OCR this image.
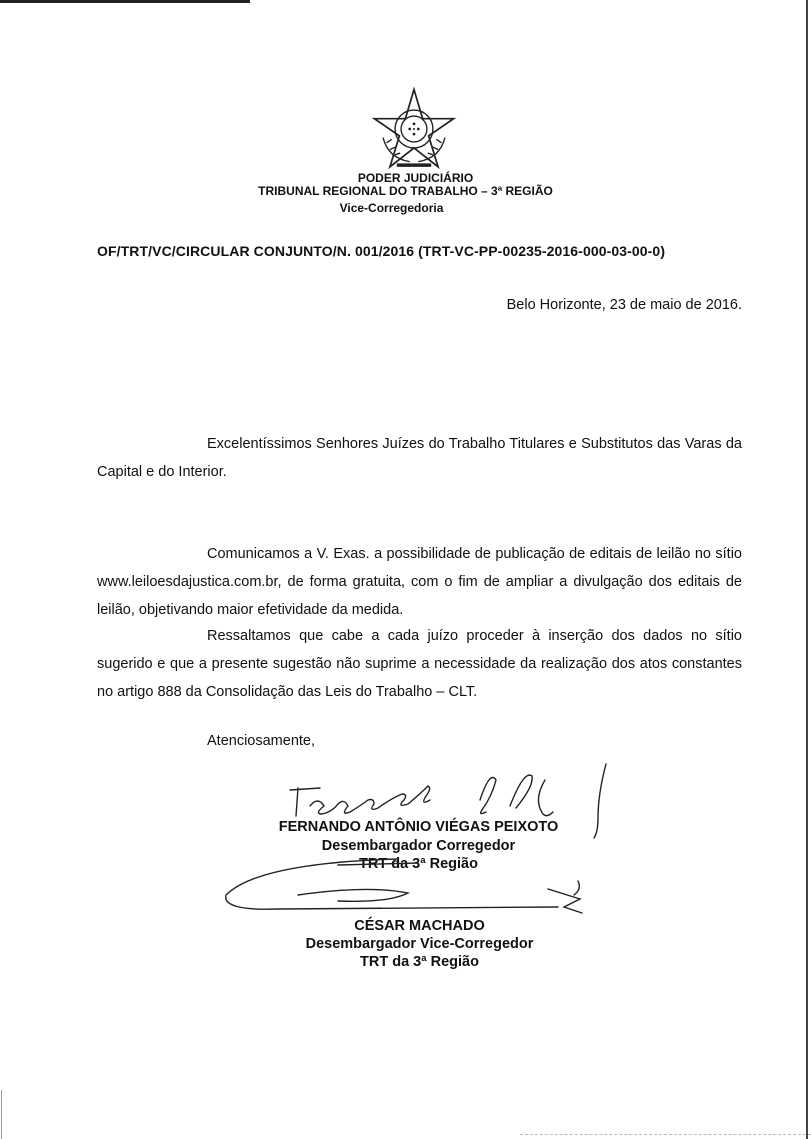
PODER JUDICIÁRIO
TRIBUNAL REGIONAL DO TRABALHO – 3ª REGIÃO
Vice-Corregedoria
OF/TRT/VC/CIRCULAR CONJUNTO/N. 001/2016 (TRT-VC-PP-00235-2016-000-03-00-0)
Belo Horizonte, 23 de maio de 2016.
Excelentíssimos Senhores Juízes do Trabalho Titulares e Substitutos das Varas da Capital e do Interior.
Comunicamos a V. Exas. a possibilidade de publicação de editais de leilão no sítio www.leiloesdajustica.com.br, de forma gratuita, com o fim de ampliar a divulgação dos editais de leilão, objetivando maior efetividade da medida.
Ressaltamos que cabe a cada juízo proceder à inserção dos dados no sítio sugerido e que a presente sugestão não suprime a necessidade da realização dos atos constantes no artigo 888 da Consolidação das Leis do Trabalho – CLT.
Atenciosamente,
FERNANDO ANTÔNIO VIÉGAS PEIXOTO
Desembargador Corregedor
TRT da 3ª Região
CÉSAR MACHADO
Desembargador Vice-Corregedor
TRT da 3ª Região
